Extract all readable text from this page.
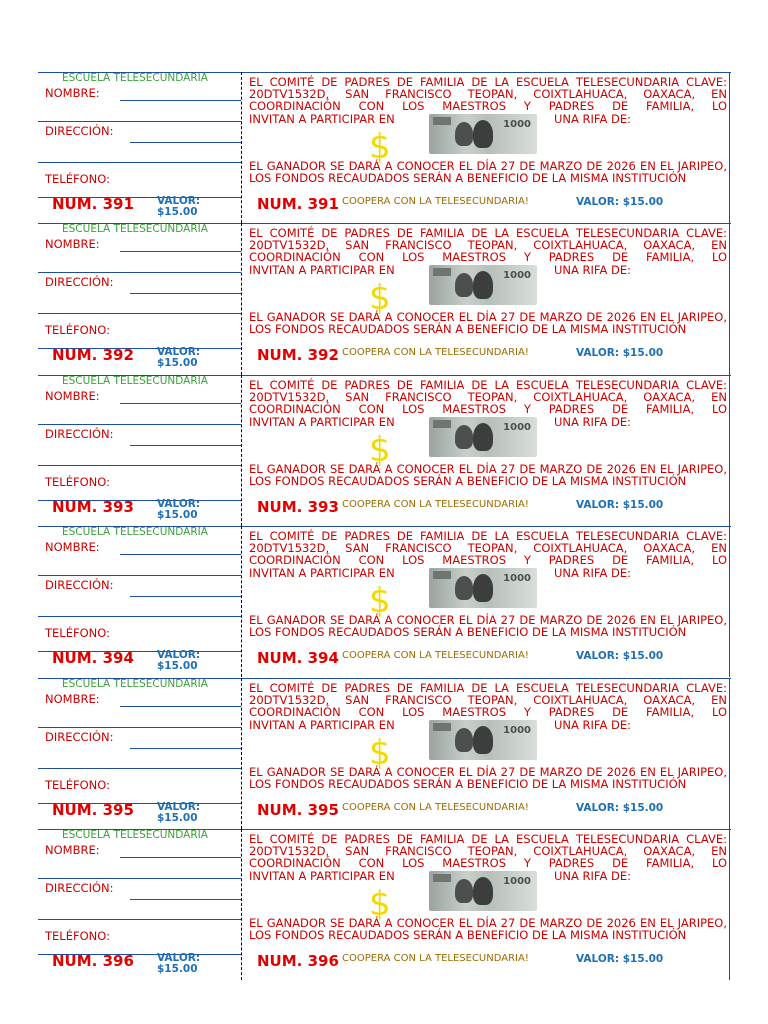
ESCUELA TELESECUNDARIA
NOMBRE:
DIRECCIÓN:
TELÉFONO:
NUM. 391 VALOR:
$15.00
EL COMITÉ DE PADRES DE FAMILIA DE LA ESCUELA TELESECUNDARIA CLAVE: 20DTV1532D, SAN FRANCISCO TEOPAN, COIXTLAHUACA, OAXACA, EN COORDINACIÓN CON LOS MAESTROS Y PADRES DE FAMILIA, LO
INVITAN A PARTICIPAR EN	1000 UNA RIFA DE:
$
EL GANADOR SE DARÁ A CONOCER EL DÍA 27 DE MARZO DE 2026 EN EL JARIPEO, LOS FONDOS RECAUDADOS SERÁN A BENEFICIO DE LA MISMA INSTITUCIÓN
NUM. 391 COOPERA CON LA TELESECUNDARIA!	VALOR: $15.00
ESCUELA TELESECUNDARIA
NOMBRE:
DIRECCIÓN:
TELÉFONO:
NUM. 392 VALOR:
$15.00
EL COMITÉ DE PADRES DE FAMILIA DE LA ESCUELA TELESECUNDARIA CLAVE: 20DTV1532D, SAN FRANCISCO TEOPAN, COIXTLAHUACA, OAXACA, EN COORDINACIÓN CON LOS MAESTROS Y PADRES DE FAMILIA, LO
INVITAN A PARTICIPAR EN	1000 UNA RIFA DE:
$
EL GANADOR SE DARÁ A CONOCER EL DÍA 27 DE MARZO DE 2026 EN EL JARIPEO, LOS FONDOS RECAUDADOS SERÁN A BENEFICIO DE LA MISMA INSTITUCIÓN
NUM. 392 COOPERA CON LA TELESECUNDARIA!	VALOR: $15.00
ESCUELA TELESECUNDARIA
NOMBRE:
DIRECCIÓN:
TELÉFONO:
NUM. 393 VALOR:
$15.00
EL COMITÉ DE PADRES DE FAMILIA DE LA ESCUELA TELESECUNDARIA CLAVE: 20DTV1532D, SAN FRANCISCO TEOPAN, COIXTLAHUACA, OAXACA, EN COORDINACIÓN CON LOS MAESTROS Y PADRES DE FAMILIA, LO
INVITAN A PARTICIPAR EN	1000 UNA RIFA DE:
$
EL GANADOR SE DARÁ A CONOCER EL DÍA 27 DE MARZO DE 2026 EN EL JARIPEO, LOS FONDOS RECAUDADOS SERÁN A BENEFICIO DE LA MISMA INSTITUCIÓN
NUM. 393 COOPERA CON LA TELESECUNDARIA!	VALOR: $15.00
ESCUELA TELESECUNDARIA
NOMBRE:
DIRECCIÓN:
TELÉFONO:
NUM. 394 VALOR:
$15.00
EL COMITÉ DE PADRES DE FAMILIA DE LA ESCUELA TELESECUNDARIA CLAVE: 20DTV1532D, SAN FRANCISCO TEOPAN, COIXTLAHUACA, OAXACA, EN COORDINACIÓN CON LOS MAESTROS Y PADRES DE FAMILIA, LO
INVITAN A PARTICIPAR EN	1000 UNA RIFA DE:
$
EL GANADOR SE DARÁ A CONOCER EL DÍA 27 DE MARZO DE 2026 EN EL JARIPEO, LOS FONDOS RECAUDADOS SERÁN A BENEFICIO DE LA MISMA INSTITUCIÓN
NUM. 394 COOPERA CON LA TELESECUNDARIA!	VALOR: $15.00
ESCUELA TELESECUNDARIA
NOMBRE:
DIRECCIÓN:
TELÉFONO:
NUM. 395 VALOR:
$15.00
EL COMITÉ DE PADRES DE FAMILIA DE LA ESCUELA TELESECUNDARIA CLAVE: 20DTV1532D, SAN FRANCISCO TEOPAN, COIXTLAHUACA, OAXACA, EN COORDINACIÓN CON LOS MAESTROS Y PADRES DE FAMILIA, LO
INVITAN A PARTICIPAR EN	1000 UNA RIFA DE:
$
EL GANADOR SE DARÁ A CONOCER EL DÍA 27 DE MARZO DE 2026 EN EL JARIPEO, LOS FONDOS RECAUDADOS SERÁN A BENEFICIO DE LA MISMA INSTITUCIÓN
NUM. 395 COOPERA CON LA TELESECUNDARIA!	VALOR: $15.00
ESCUELA TELESECUNDARIA
NOMBRE:
DIRECCIÓN:
TELÉFONO:
NUM. 396 VALOR:
$15.00
EL COMITÉ DE PADRES DE FAMILIA DE LA ESCUELA TELESECUNDARIA CLAVE: 20DTV1532D, SAN FRANCISCO TEOPAN, COIXTLAHUACA, OAXACA, EN COORDINACIÓN CON LOS MAESTROS Y PADRES DE FAMILIA, LO
INVITAN A PARTICIPAR EN	1000 UNA RIFA DE:
$
EL GANADOR SE DARÁ A CONOCER EL DÍA 27 DE MARZO DE 2026 EN EL JARIPEO, LOS FONDOS RECAUDADOS SERÁN A BENEFICIO DE LA MISMA INSTITUCIÓN
NUM. 396 COOPERA CON LA TELESECUNDARIA!	VALOR: $15.00
